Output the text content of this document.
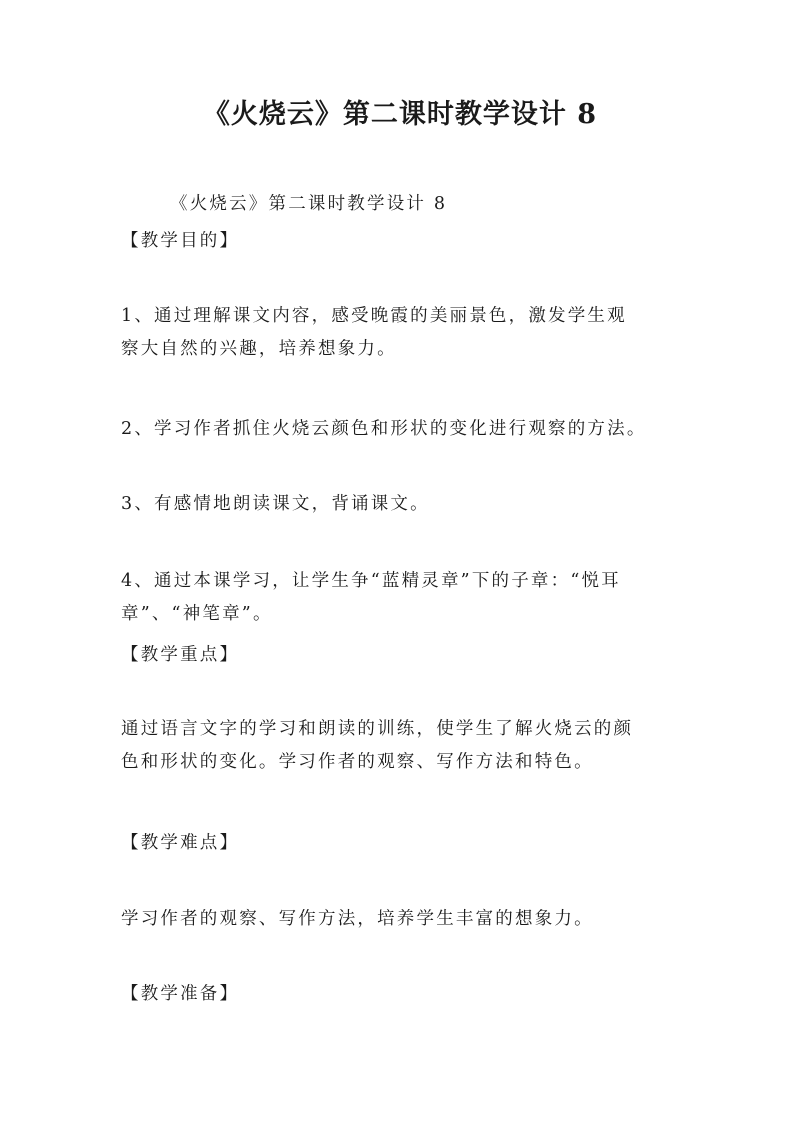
《火烧云》第二课时教学设计 8
《火烧云》第二课时教学设计 8
【教学目的】
1、通过理解课文内容，感受晚霞的美丽景色，激发学生观
察大自然的兴趣，培养想象力。
2、学习作者抓住火烧云颜色和形状的变化进行观察的方法。
3、有感情地朗读课文，背诵课文。
4、通过本课学习，让学生争“蓝精灵章”下的子章：“悦耳
章”、“神笔章”。
【教学重点】
通过语言文字的学习和朗读的训练，使学生了解火烧云的颜
色和形状的变化。学习作者的观察、写作方法和特色。
【教学难点】
学习作者的观察、写作方法，培养学生丰富的想象力。
【教学准备】
